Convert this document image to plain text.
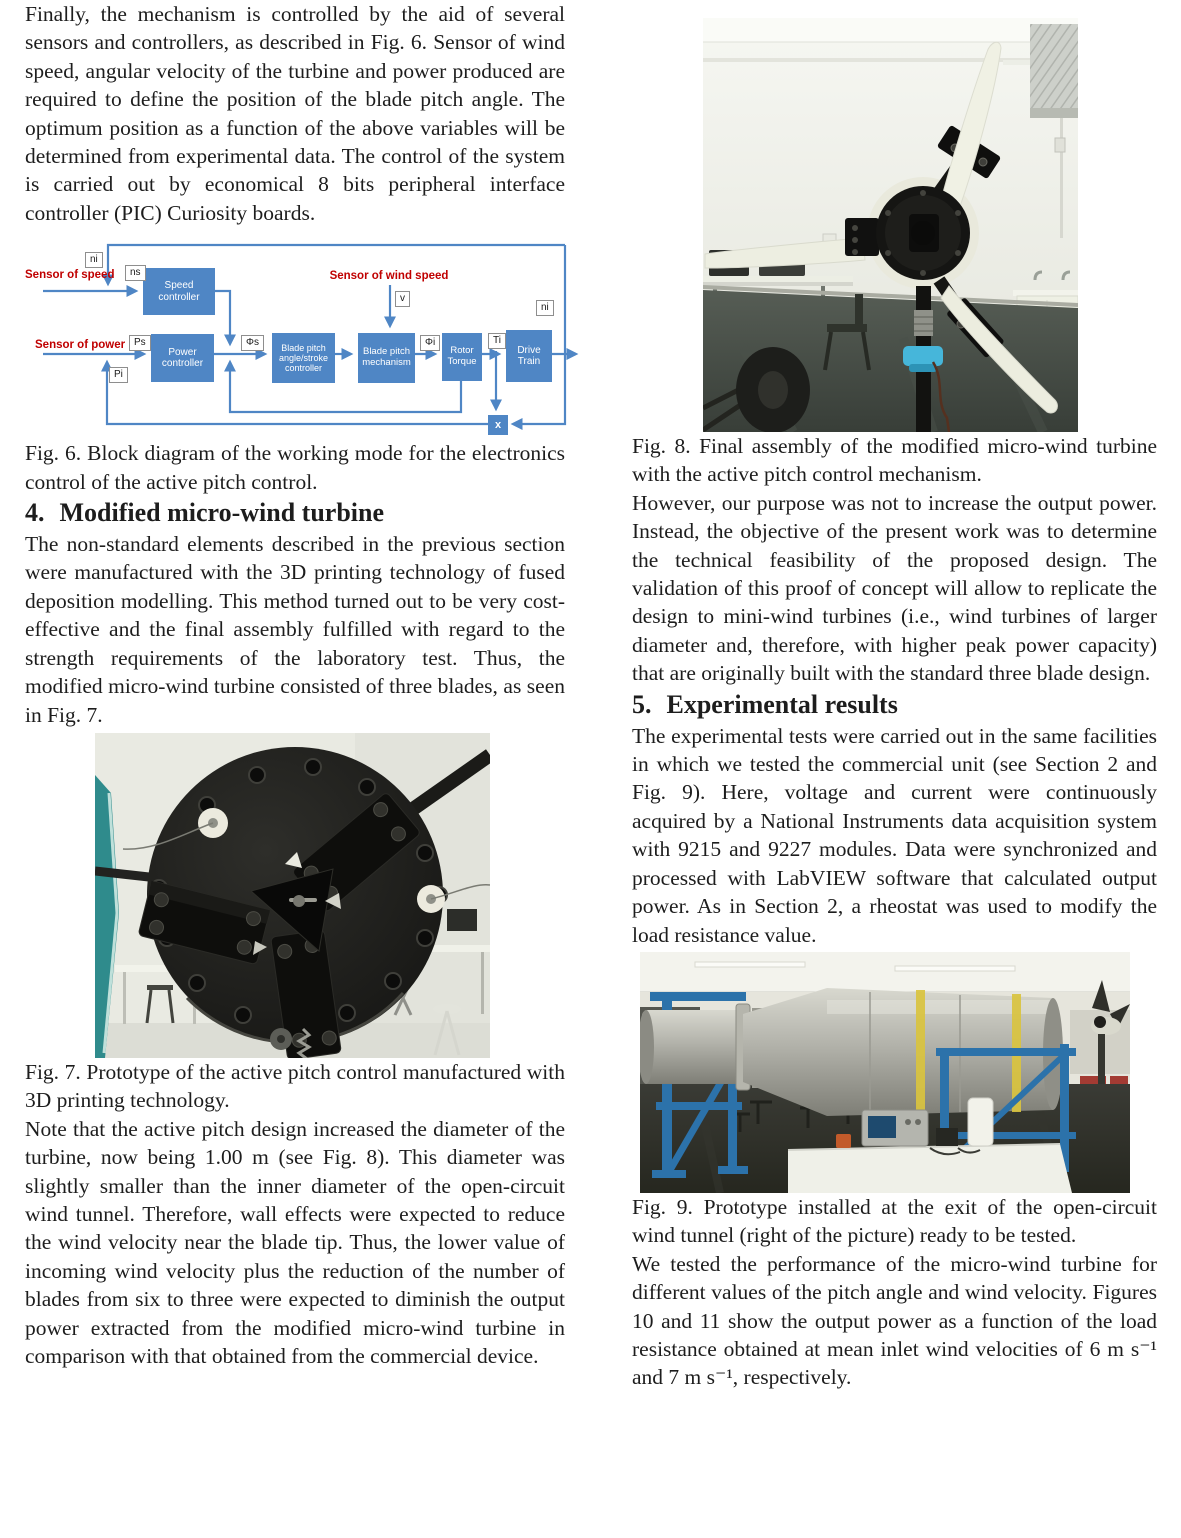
Finally, the mechanism is controlled by the aid of several sensors and controllers, as described in Fig. 6. Sensor of wind speed, angular velocity of the turbine and power produced are required to define the position of the blade pitch angle. The optimum position as a function of the above variables will be determined from experimental data. The control of the system is carried out by economical 8 bits peripheral interface controller (PIC) Curiosity boards.

Speed controller
Power controller
Blade pitch angle/stroke controller
Blade pitch mechanism
Rotor Torque
Drive Train
x
ni
ns
Ps
Pi
Φs
v
Φi	Ti
ni
Sensor of speed
Sensor of power
Sensor of wind speed

Fig. 6. Block diagram of the working mode for the electronics control of the active pitch control.

4. Modified micro-wind turbine

The non-standard elements described in the previous section were manufactured with the 3D printing technology of fused deposition modelling. This method turned out to be very cost-effective and the final assembly fulfilled with regard to the strength requirements of the laboratory test. Thus, the modified micro-wind turbine consisted of three blades, as seen in Fig. 7.

Fig. 7. Prototype of the active pitch control manufactured with 3D printing technology.

Note that the active pitch design increased the diameter of the turbine, now being 1.00 m (see Fig. 8). This diameter was slightly smaller than the inner diameter of the open-circuit wind tunnel. Therefore, wall effects were expected to reduce the wind velocity near the blade tip. Thus, the lower value of incoming wind velocity plus the reduction of the number of blades from six to three were expected to diminish the output power extracted from the modified micro-wind turbine in comparison with that obtained from the commercial device.

Fig. 8. Final assembly of the modified micro-wind turbine with the active pitch control mechanism.

However, our purpose was not to increase the output power. Instead, the objective of the present work was to determine the technical feasibility of the proposed design. The validation of this proof of concept will allow to replicate the design to mini-wind turbines (i.e., wind turbines of larger diameter and, therefore, with higher peak power capacity) that are originally built with the standard three blade design.

5. Experimental results

The experimental tests were carried out in the same facilities in which we tested the commercial unit (see Section 2 and Fig. 9). Here, voltage and current were continuously acquired by a National Instruments data acquisition system with 9215 and 9227 modules. Data were synchronized and processed with LabVIEW software that calculated output power. As in Section 2, a rheostat was used to modify the load resistance value.

Fig. 9. Prototype installed at the exit of the open-circuit wind tunnel (right of the picture) ready to be tested.

We tested the performance of the micro-wind turbine for different values of the pitch angle and wind velocity. Figures 10 and 11 show the output power as a function of the load resistance obtained at mean inlet wind velocities of 6 m s⁻¹ and 7 m s⁻¹, respectively.
